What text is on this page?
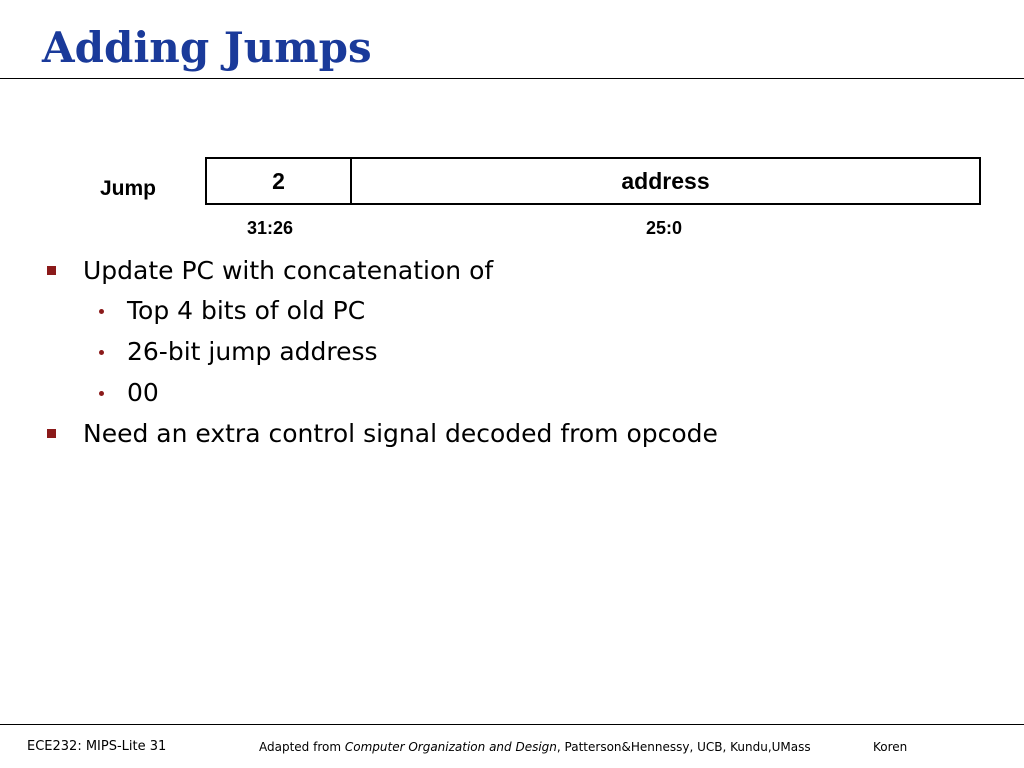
Adding Jumps
Jump	2	address
31:26	25:0
Update PC with concatenation of
Top 4 bits of old PC
26-bit jump address
00
Need an extra control signal decoded from opcode
ECE232: MIPS-Lite 31	Adapted from Computer Organization and Design, Patterson&Hennessy, UCB, Kundu,UMass	Koren
